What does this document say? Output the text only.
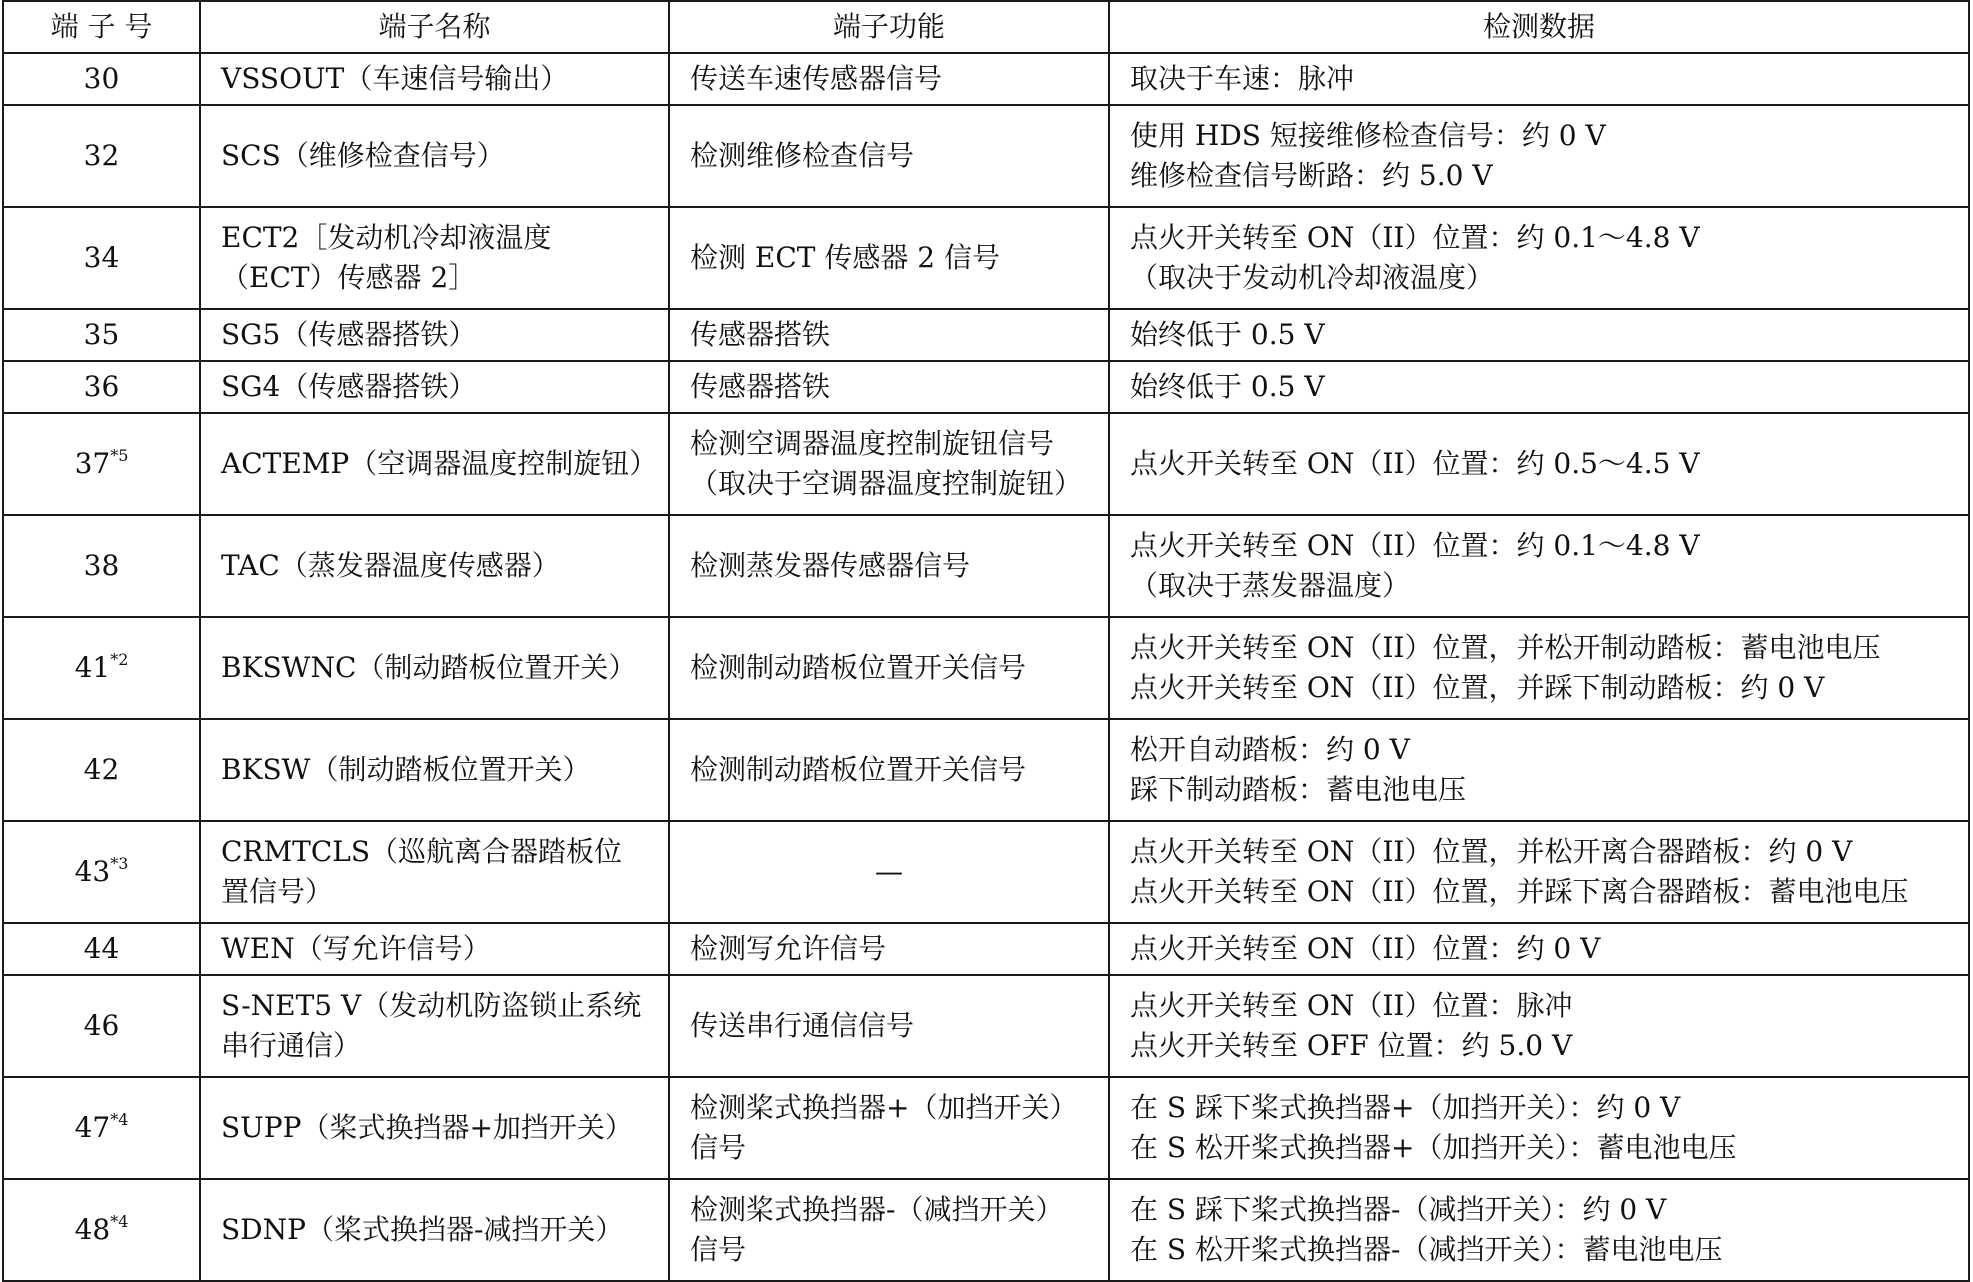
端 子 号	端子名称	端子功能	检测数据
30	VSSOUT（车速信号输出）	传送车速传感器信号	取决于车速：脉冲

32	SCS（维修检查信号）	检测维修检查信号	使用 HDS 短接维修检查信号：约 0 V
维修检查信号断路：约 5.0 V

34	ECT2［发动机冷却液温度（ECT）传感器 2］	检测 ECT 传感器 2 信号	点火开关转至 ON（II）位置：约 0.1～4.8 V
（取决于发动机冷却液温度）

35	SG5（传感器搭铁）	传感器搭铁	始终低于 0.5 V

36	SG4（传感器搭铁）	传感器搭铁	始终低于 0.5 V

37$^{*5}$	ACTEMP（空调器温度控制旋钮）	检测空调器温度控制旋钮信号（取决于空调器温度控制旋钮）	点火开关转至 ON（II）位置：约 0.5～4.5 V

38	TAC（蒸发器温度传感器）	检测蒸发器传感器信号	点火开关转至 ON（II）位置：约 0.1～4.8 V
（取决于蒸发器温度）

41$^{*2}$	BKSWNC（制动踏板位置开关）	检测制动踏板位置开关信号	点火开关转至 ON（II）位置，并松开制动踏板：蓄电池电压
点火开关转至 ON（II）位置，并踩下制动踏板：约 0 V

42	BKSW（制动踏板位置开关）	检测制动踏板位置开关信号	松开自动踏板：约 0 V
踩下制动踏板：蓄电池电压

43$^{*3}$	CRMTCLS（巡航离合器踏板位置信号）	—	点火开关转至 ON（II）位置，并松开离合器踏板：约 0 V
点火开关转至 ON（II）位置，并踩下离合器踏板：蓄电池电压

44	WEN（写允许信号）	检测写允许信号	点火开关转至 ON（II）位置：约 0 V

46	S-NET5 V（发动机防盗锁止系统串行通信）	传送串行通信信号	点火开关转至 ON（II）位置：脉冲
点火开关转至 OFF 位置：约 5.0 V

47$^{*4}$	SUPP（桨式换挡器+加挡开关）	检测桨式换挡器+（加挡开关）信号	在 S 踩下桨式换挡器+（加挡开关）：约 0 V
在 S 松开桨式换挡器+（加挡开关）：蓄电池电压

48$^{*4}$	SDNP（桨式换挡器-减挡开关）	检测桨式换挡器-（减挡开关）信号	在 S 踩下桨式换挡器-（减挡开关）：约 0 V
在 S 松开桨式换挡器-（减挡开关）：蓄电池电压
